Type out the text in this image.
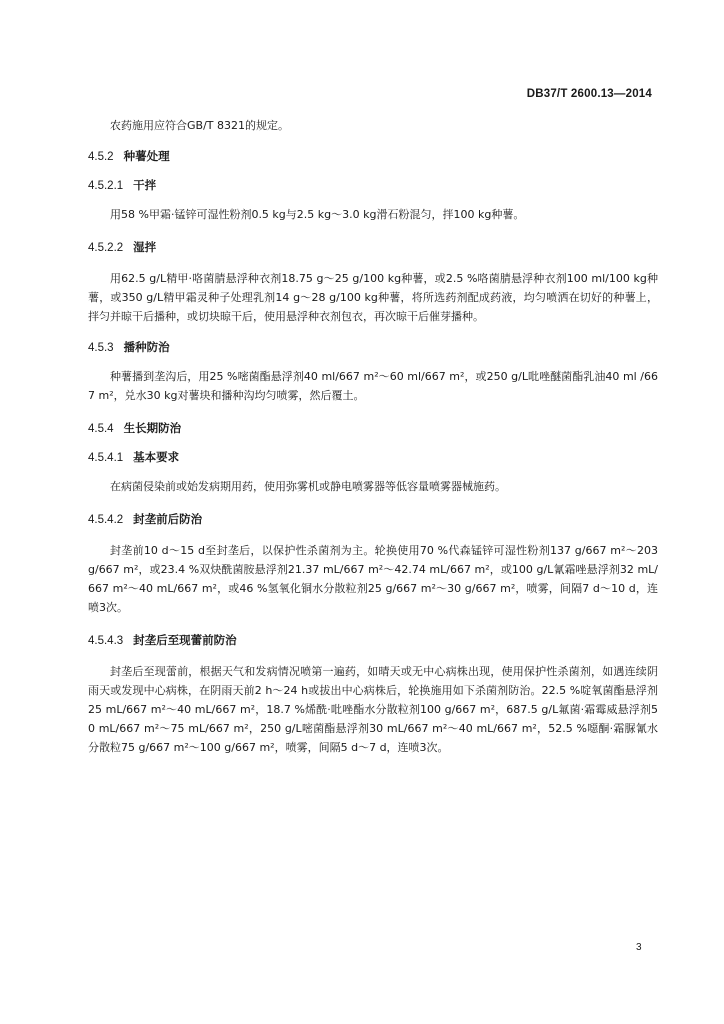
DB37/T 2600.13—2014

农药施用应符合GB/T 8321的规定。

4.5.2 种薯处理
4.5.2.1 干拌

用58 %甲霜·锰锌可湿性粉剂0.5 kg与2.5 kg～3.0 kg滑石粉混匀，拌100 kg种薯。

4.5.2.2 湿拌

用62.5 g/L精甲·咯菌腈悬浮种衣剂18.75 g～25 g/100 kg种薯，或2.5 %咯菌腈悬浮种衣剂100 ml/100 kg种薯，或350 g/L精甲霜灵种子处理乳剂14 g～28 g/100 kg种薯，将所选药剂配成药液，均匀喷洒在切好的种薯上，拌匀并晾干后播种，或切块晾干后，使用悬浮种衣剂包衣，再次晾干后催芽播种。

4.5.3 播种防治

种薯播到垄沟后，用25 %嘧菌酯悬浮剂40 ml/667 m²～60 ml/667 m²，或250 g/L吡唑醚菌酯乳油40 ml /667 m²，兑水30 kg对薯块和播种沟均匀喷雾，然后覆土。

4.5.4 生长期防治
4.5.4.1 基本要求

在病菌侵染前或始发病期用药，使用弥雾机或静电喷雾器等低容量喷雾器械施药。

4.5.4.2 封垄前后防治

封垄前10 d～15 d至封垄后，以保护性杀菌剂为主。轮换使用70 %代森锰锌可湿性粉剂137 g/667 m²～203 g/667 m²，或23.4 %双炔酰菌胺悬浮剂21.37 mL/667 m²～42.74 mL/667 m²，或100 g/L氰霜唑悬浮剂32 mL/667 m²～40 mL/667 m²，或46 %氢氧化铜水分散粒剂25 g/667 m²～30 g/667 m²，喷雾，间隔7 d～10 d，连喷3次。

4.5.4.3 封垄后至现蕾前防治

封垄后至现蕾前，根据天气和发病情况喷第一遍药，如晴天或无中心病株出现，使用保护性杀菌剂，如遇连续阴雨天或发现中心病株，在阴雨天前2 h～24 h或拔出中心病株后，轮换施用如下杀菌剂防治。22.5 %啶氧菌酯悬浮剂25 mL/667 m²～40 mL/667 m²，18.7 %烯酰·吡唑酯水分散粒剂100 g/667 m²，687.5 g/L氟菌·霜霉威悬浮剂50 mL/667 m²～75 mL/667 m²，250 g/L嘧菌酯悬浮剂30 mL/667 m²～40 mL/667 m²，52.5 %噁酮·霜脲氰水分散粒75 g/667 m²～100 g/667 m²，喷雾，间隔5 d～7 d，连喷3次。

3
